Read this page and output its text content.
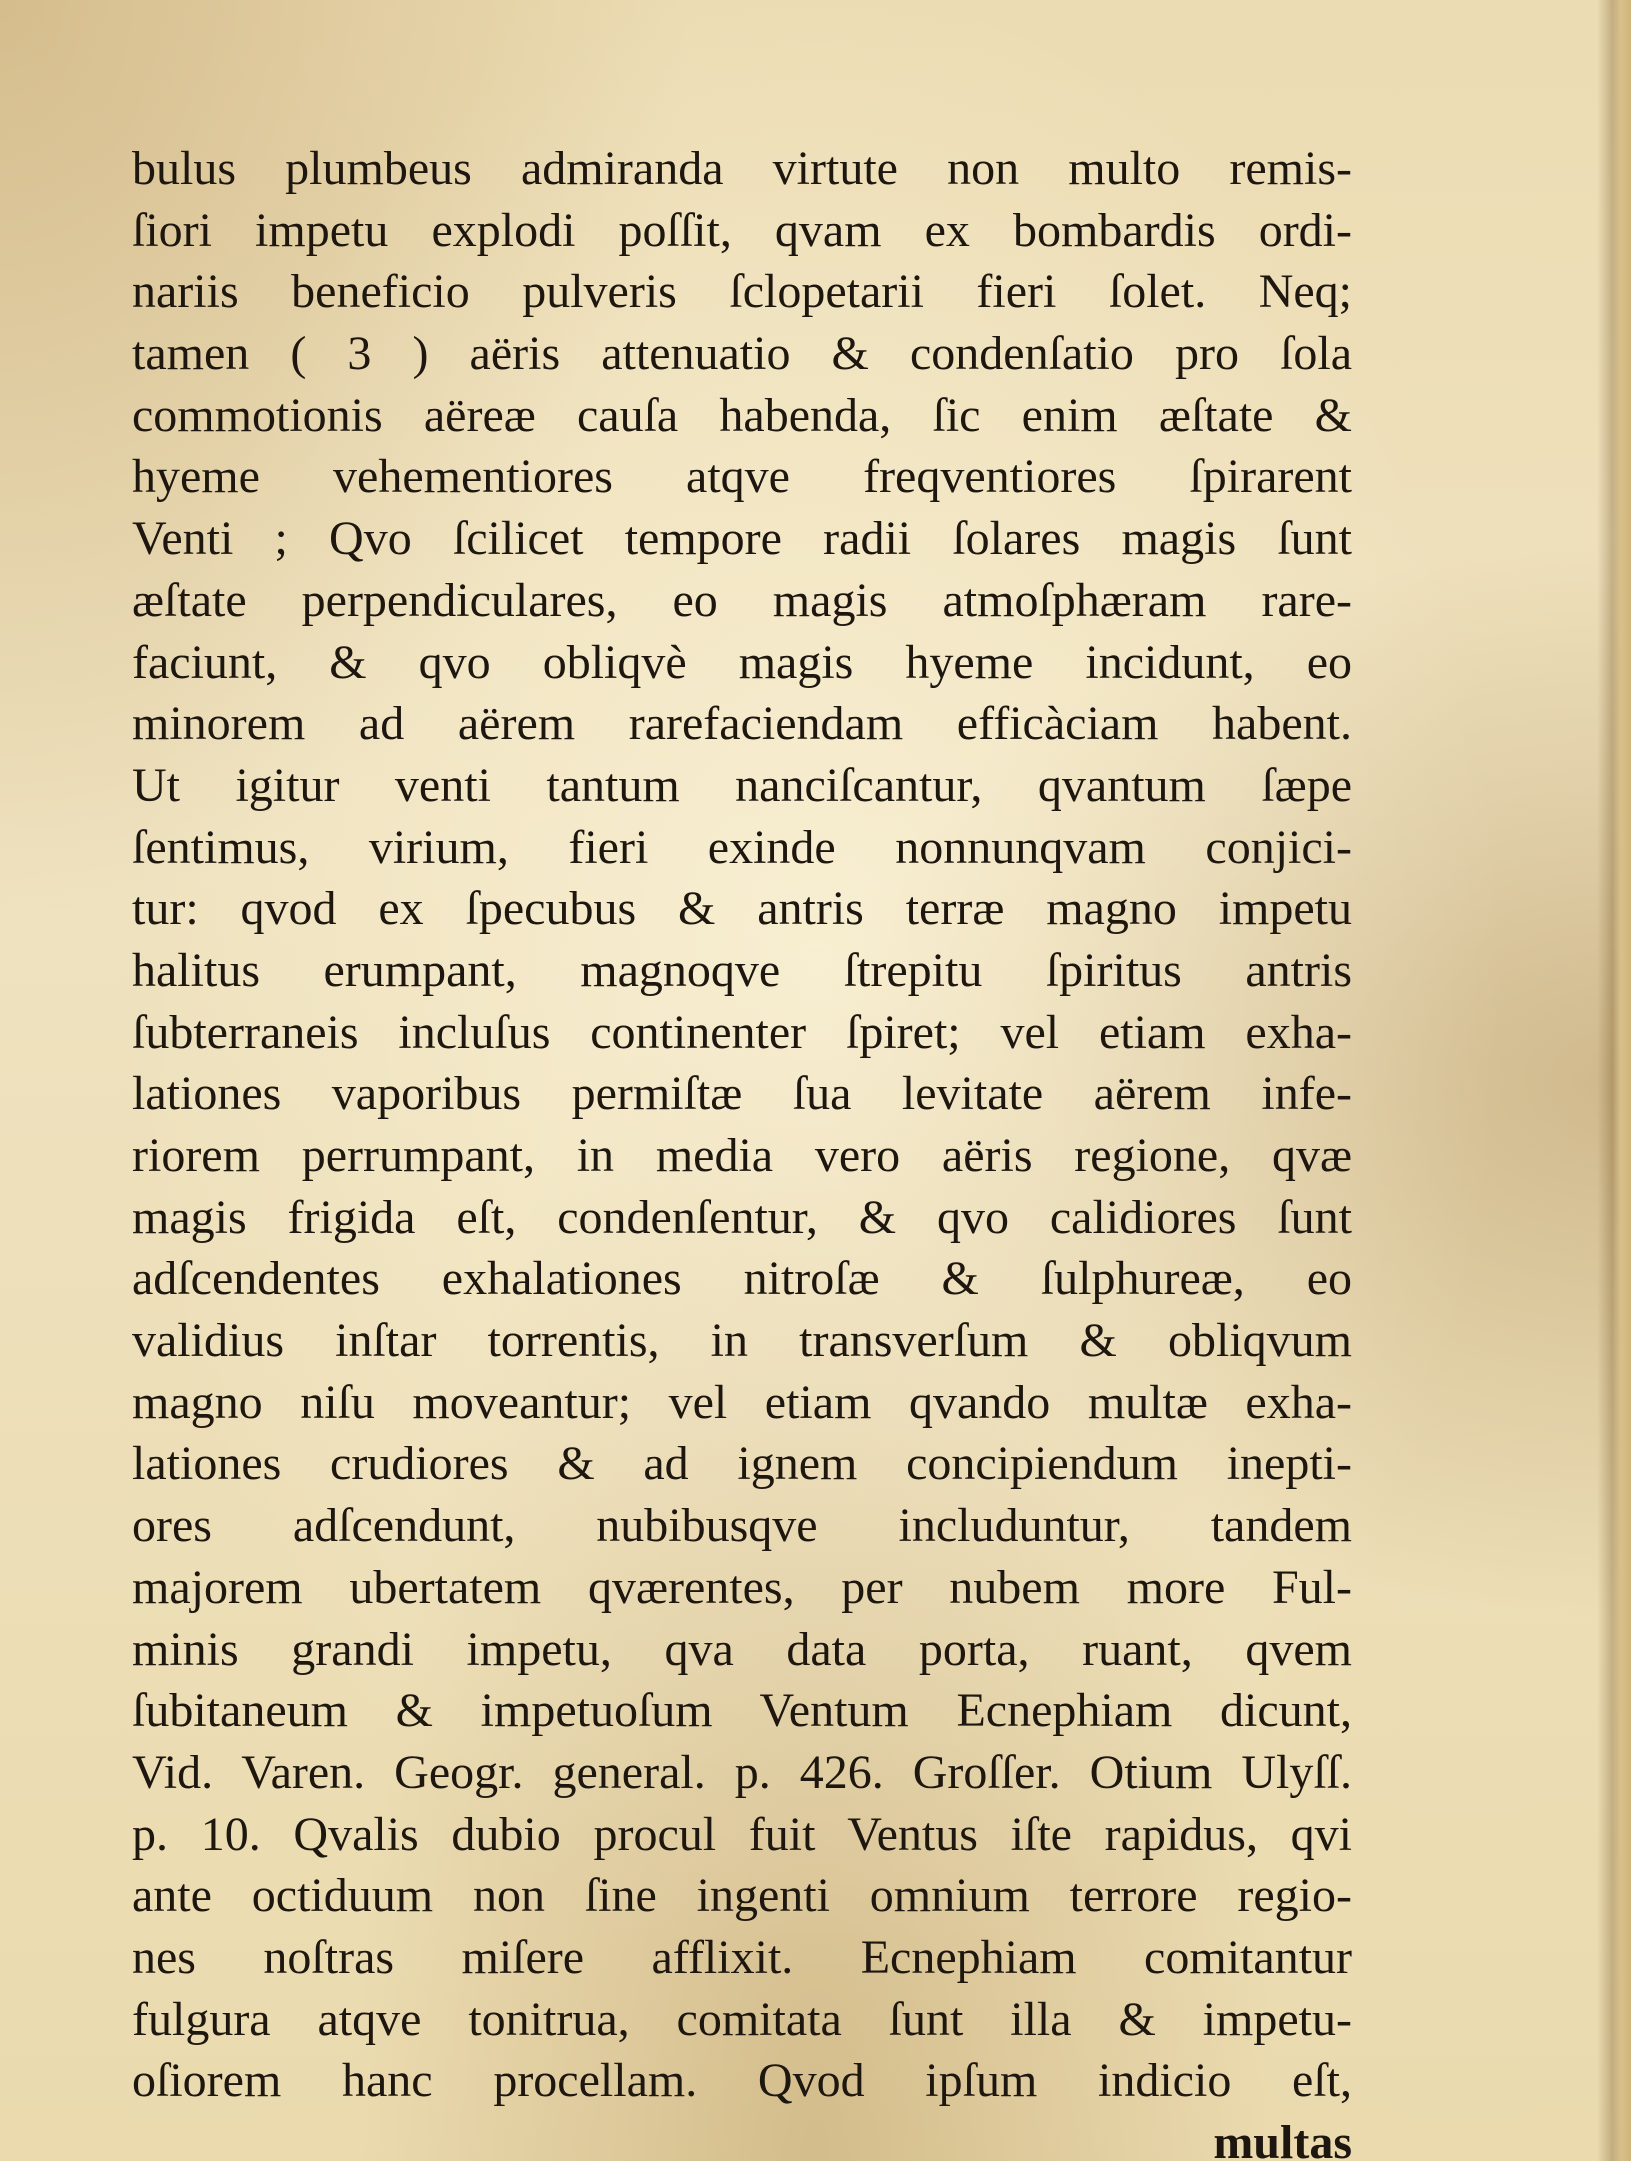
bulus plumbeus admiranda virtute non multo remis-
ſiori impetu explodi poſſit, qvam ex bombardis ordi-
nariis beneficio pulveris ſclopetarii fieri ſolet. Neq;
tamen ( 3 ) aëris attenuatio & condenſatio pro ſola
commotionis aëreæ cauſa habenda, ſic enim æſtate &
hyeme vehementiores atqve freqventiores ſpirarent
Venti ; Qvo ſcilicet tempore radii ſolares magis ſunt
æſtate perpendiculares, eo magis atmoſphæram rare-
faciunt, & qvo obliqvè magis hyeme incidunt, eo
minorem ad aërem rarefaciendam efficàciam habent.
Ut igitur venti tantum nanciſcantur, qvantum ſæpe
ſentimus, virium, fieri exinde nonnunqvam conjici-
tur: qvod ex ſpecubus & antris terræ magno impetu
halitus erumpant, magnoqve ſtrepitu ſpiritus antris
ſubterraneis incluſus continenter ſpiret; vel etiam exha-
lationes vaporibus permiſtæ ſua levitate aërem infe-
riorem perrumpant, in media vero aëris regione, qvæ
magis frigida eſt, condenſentur, & qvo calidiores ſunt
adſcendentes exhalationes nitroſæ & ſulphureæ, eo
validius inſtar torrentis, in transverſum & obliqvum
magno niſu moveantur; vel etiam qvando multæ exha-
lationes crudiores & ad ignem concipiendum inepti-
ores adſcendunt, nubibusqve includuntur, tandem
majorem ubertatem qværentes, per nubem more Ful-
minis grandi impetu, qva data porta, ruant, qvem
ſubitaneum & impetuoſum Ventum Ecnephiam dicunt,
Vid. Varen. Geogr. general. p. 426. Groſſer. Otium Ulyſſ.
p. 10. Qvalis dubio procul fuit Ventus iſte rapidus, qvi
ante octiduum non ſine ingenti omnium terrore regio-
nes noſtras miſere afflixit. Ecnephiam comitantur
fulgura atqve tonitrua, comitata ſunt illa & impetu-
oſiorem hanc procellam. Qvod ipſum indicio eſt,
multas
